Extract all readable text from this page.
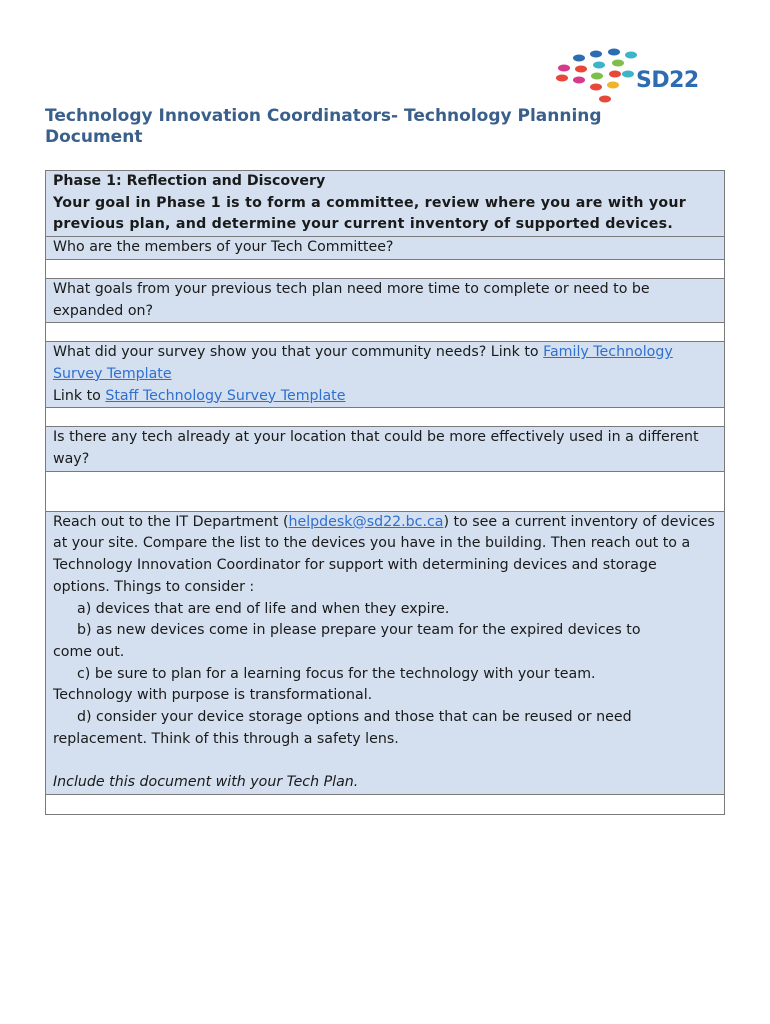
SD22
Technology Innovation Coordinators- Technology Planning Document
Phase 1: Reflection and Discovery
Your goal in Phase 1 is to form a committee, review where you are with your previous plan, and determine your current inventory of supported devices.
Who are the members of your Tech Committee?
What goals from your previous tech plan need more time to complete or need to be expanded on?
What did your survey show you that your community needs? Link to Family Technology Survey Template
Link to Staff Technology Survey Template
Is there any tech already at your location that could be more effectively used in a different way?
Reach out to the IT Department (helpdesk@sd22.bc.ca) to see a current inventory of devices at your site. Compare the list to the devices you have in the building. Then reach out to a Technology Innovation Coordinator for support with determining devices and storage options. Things to consider :
a) devices that are end of life and when they expire.
b) as new devices come in please prepare your team for the expired devices to
come out.
c) be sure to plan for a learning focus for the technology with your team.
Technology with purpose is transformational.
d) consider your device storage options and those that can be reused or need
replacement. Think of this through a safety lens.
Include this document with your Tech Plan.
